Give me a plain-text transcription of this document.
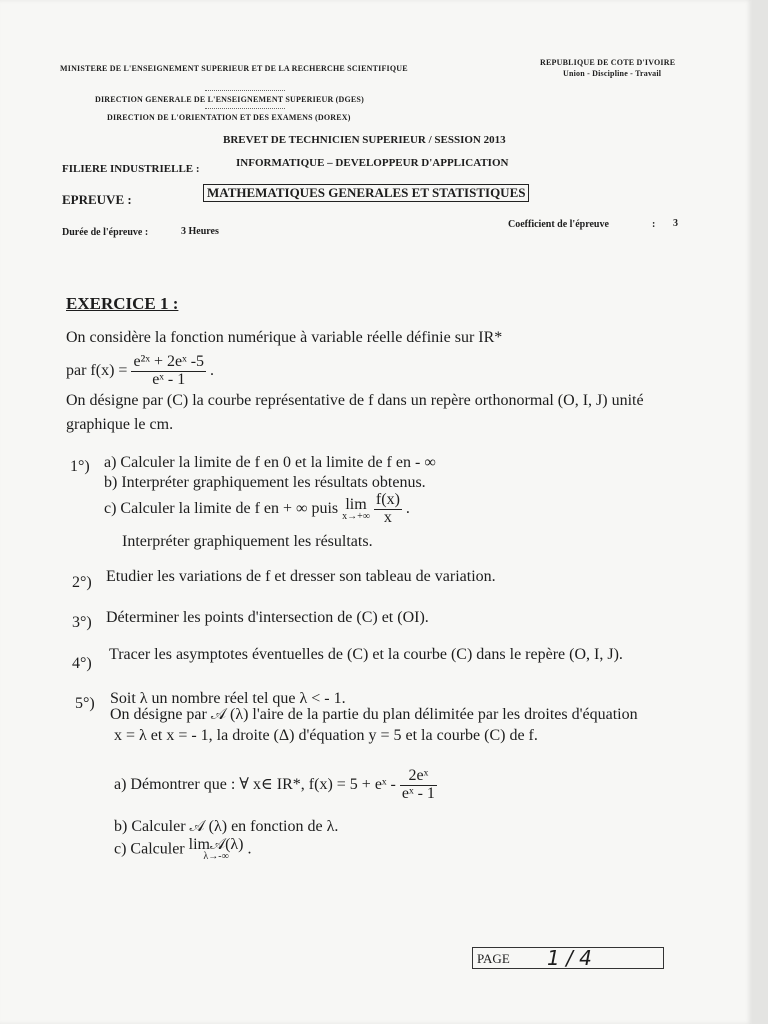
MINISTERE DE L'ENSEIGNEMENT SUPERIEUR ET DE LA RECHERCHE SCIENTIFIQUE
REPUBLIQUE DE COTE D'IVOIRE
Union - Discipline - Travail
DIRECTION GENERALE DE L'ENSEIGNEMENT SUPERIEUR (DGES)
DIRECTION DE L'ORIENTATION ET DES EXAMENS (DOREX)
BREVET DE TECHNICIEN SUPERIEUR / SESSION 2013
FILIERE INDUSTRIELLE :	INFORMATIQUE – DEVELOPPEUR D'APPLICATION
EPREUVE :	MATHEMATIQUES GENERALES ET STATISTIQUES
Durée de l'épreuve :	3 Heures
Coefficient de l'épreuve	: 3
EXERCICE 1 :
On considère la fonction numérique à variable réelle définie sur IR*
par $f(x) = \frac{\text{e²ˣ + 2eˣ -5}}{\text{eˣ - 1}}$ .
On désigne par (C) la courbe représentative de f dans un repère orthonormal (O, I, J) unité
graphique le cm.
1°) a) Calculer la limite de f en 0 et la limite de f en - ∞
b) Interpréter graphiquement les résultats obtenus.
c) Calculer la limite de f en + ∞ puis lim
x→+∞
$\frac{f(x)}{x}$ .
Interpréter graphiquement les résultats.
2°) Etudier les variations de f et dresser son tableau de variation.
3°) Déterminer les points d'intersection de (C) et (OI).
4°)
Tracer les asymptotes éventuelles de (C) et la courbe (C) dans le repère (O, I, J).
5°) Soit λ un nombre réel tel que λ < - 1.
On désigne par 𝒜 (λ) l'aire de la partie du plan délimitée par les droites d'équation
x = λ et x = - 1, la droite (Δ) d'équation y = 5 et la courbe (C) de f.
a) Démontrer que : ∀ x∈ IR*, f(x) = 5 + eˣ - $\frac{\text{2eˣ}}{\text{eˣ - 1}}$
b) Calculer 𝒜 (λ) en fonction de λ.
c) Calculer lim𝒜(λ)
λ→-∞	.
PAGE 1 / 4
